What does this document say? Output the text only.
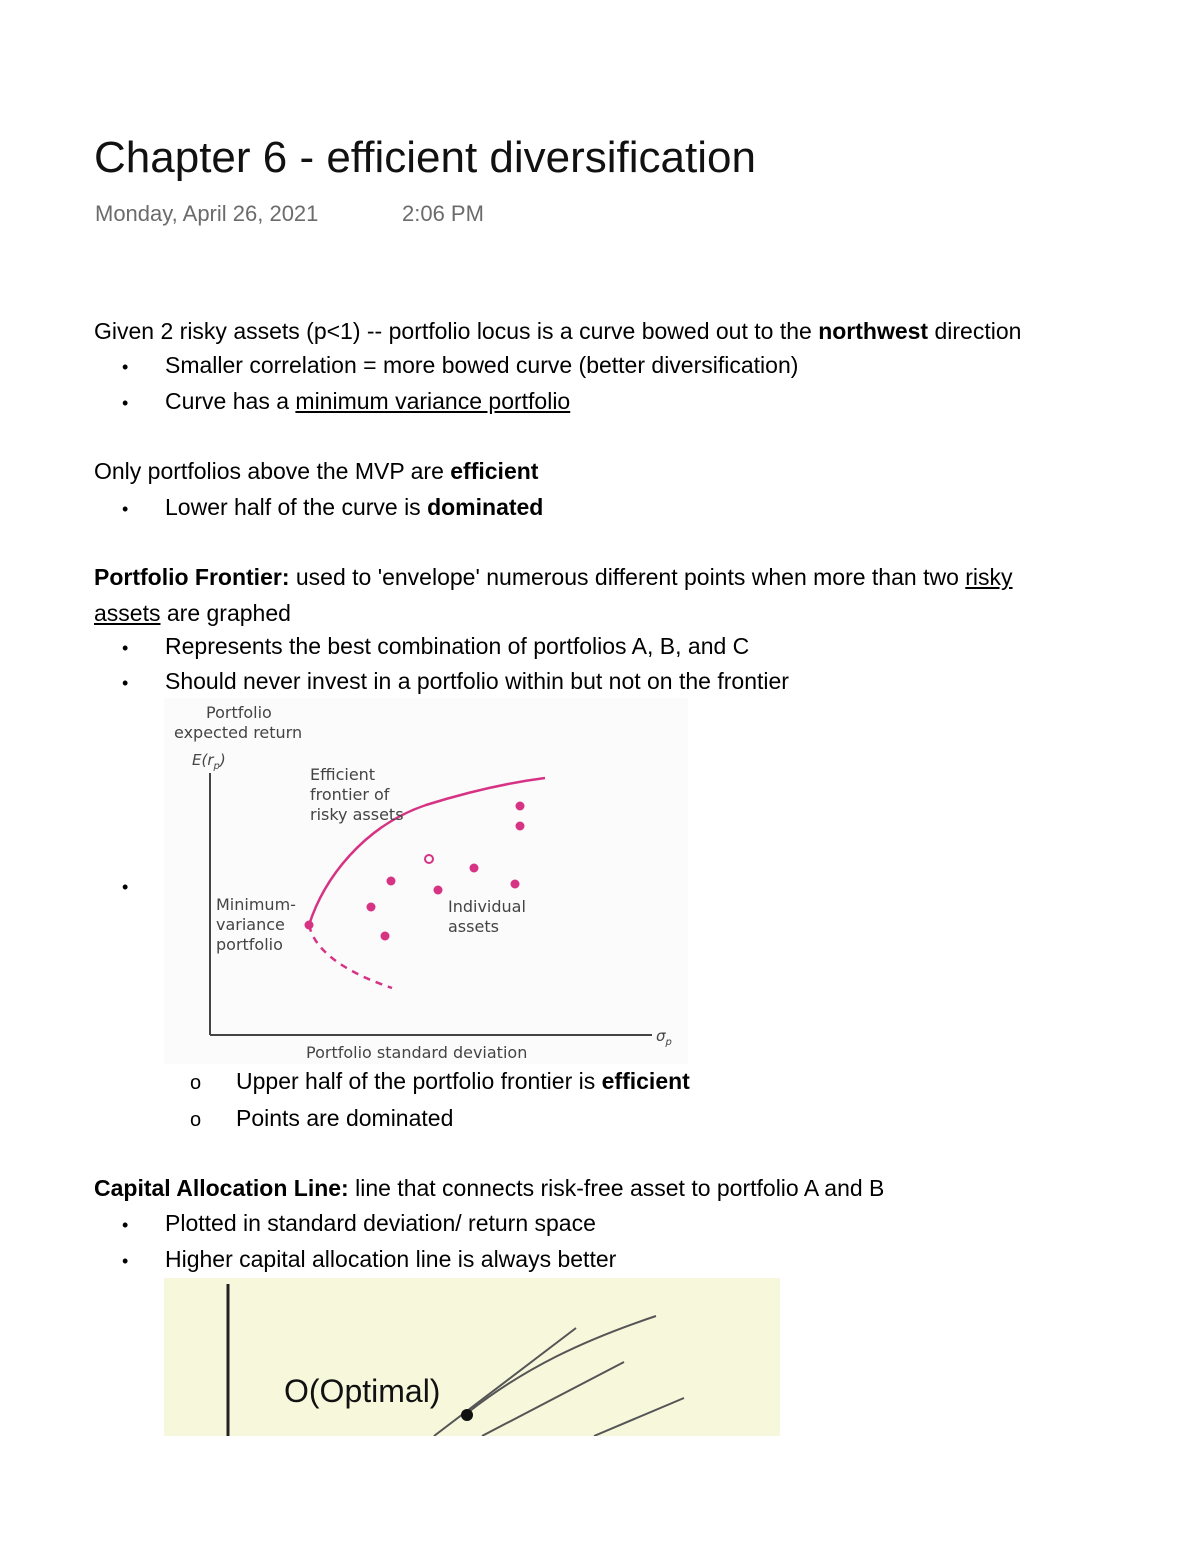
Chapter 6 - efficient diversification
Monday, April 26, 2021	2:06 PM
Given 2 risky assets (p<1) -- portfolio locus is a curve bowed out to the northwest direction
• Smaller correlation = more bowed curve (better diversification)
• Curve has a minimum variance portfolio
Only portfolios above the MVP are efficient
• Lower half of the curve is dominated
Portfolio Frontier: used to 'envelope' numerous different points when more than two risky
assets are graphed
• Represents the best combination of portfolios A, B, and C
• Should never invest in a portfolio within but not on the frontier
•
Portfolio
expected return
$E(r_p)$
$\sigma_p$
Portfolio standard deviation
Efficient
frontier of
risky assets
Minimum-
variance
portfolio
Individual
assets
o Upper half of the portfolio frontier is efficient
o Points are dominated
Capital Allocation Line: line that connects risk-free asset to portfolio A and B
• Plotted in standard deviation/ return space
• Higher capital allocation line is always better
O(Optimal)
